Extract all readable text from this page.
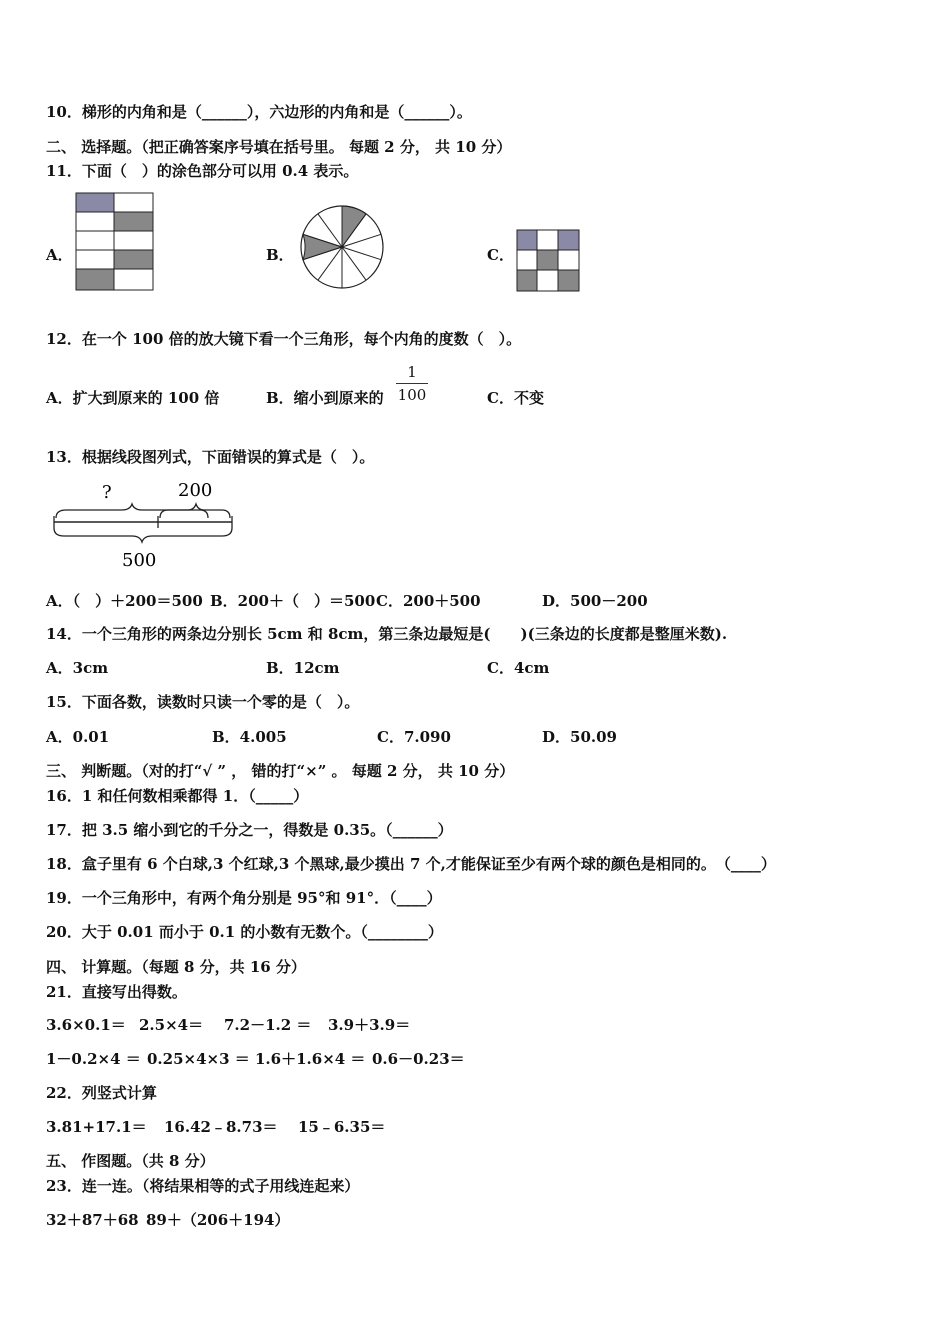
10．梯形的内角和是（______），六边形的内角和是（______）。
二、 选择题。（把正确答案序号填在括号里。 每题 2 分， 共 10 分）
11．下面（　）的涂色部分可以用 0.4 表示。
A．	B．	C．
12．在一个 100 倍的放大镜下看一个三角形，每个内角的度数（　）。
A．扩大到原来的 100 倍	B．缩小到原来的
1
100	C．不变
13．根据线段图列式，下面错误的算式是（　）。
?	200
500
A．（　）＋200＝500 B．200＋（　）＝500 C．200＋500	D．500－200
14．一个三角形的两条边分别长 5cm 和 8cm，第三条边最短是(　　)(三条边的长度都是整厘米数).
A．3cm	B．12cm	C．4cm
15．下面各数，读数时只读一个零的是（　）。
A．0.01	B．4.005	C．7.090	D．50.09
三、 判断题。（对的打“√ ” ， 错的打“×” 。 每题 2 分， 共 10 分）
16．1 和任何数相乘都得 1．（_____）
17．把 3.5 缩小到它的千分之一，得数是 0.35。（______）
18．盒子里有 6 个白球,3 个红球,3 个黑球,最少摸出 7 个,才能保证至少有两个球的颜色是相同的。　（____）
19．一个三角形中，有两个角分别是 95°和 91°．（____）
20．大于 0.01 而小于 0.1 的小数有无数个。（________）
四、 计算题。（每题 8 分，共 16 分）
21．直接写出得数。
3.6×0.1＝ 2.5×4＝ 7.2－1.2 ＝ 3.9＋3.9＝
1－0.2×4 ＝ 0.25×4×3 ＝ 1.6＋1.6×4 ＝ 0.6－0.23＝
22．列竖式计算
3.81+17.1＝ 16.42﹣8.73＝ 15﹣6.35＝
五、 作图题。（共 8 分）
23．连一连。（将结果相等的式子用线连起来）
32＋87＋68 89＋（206＋194）
